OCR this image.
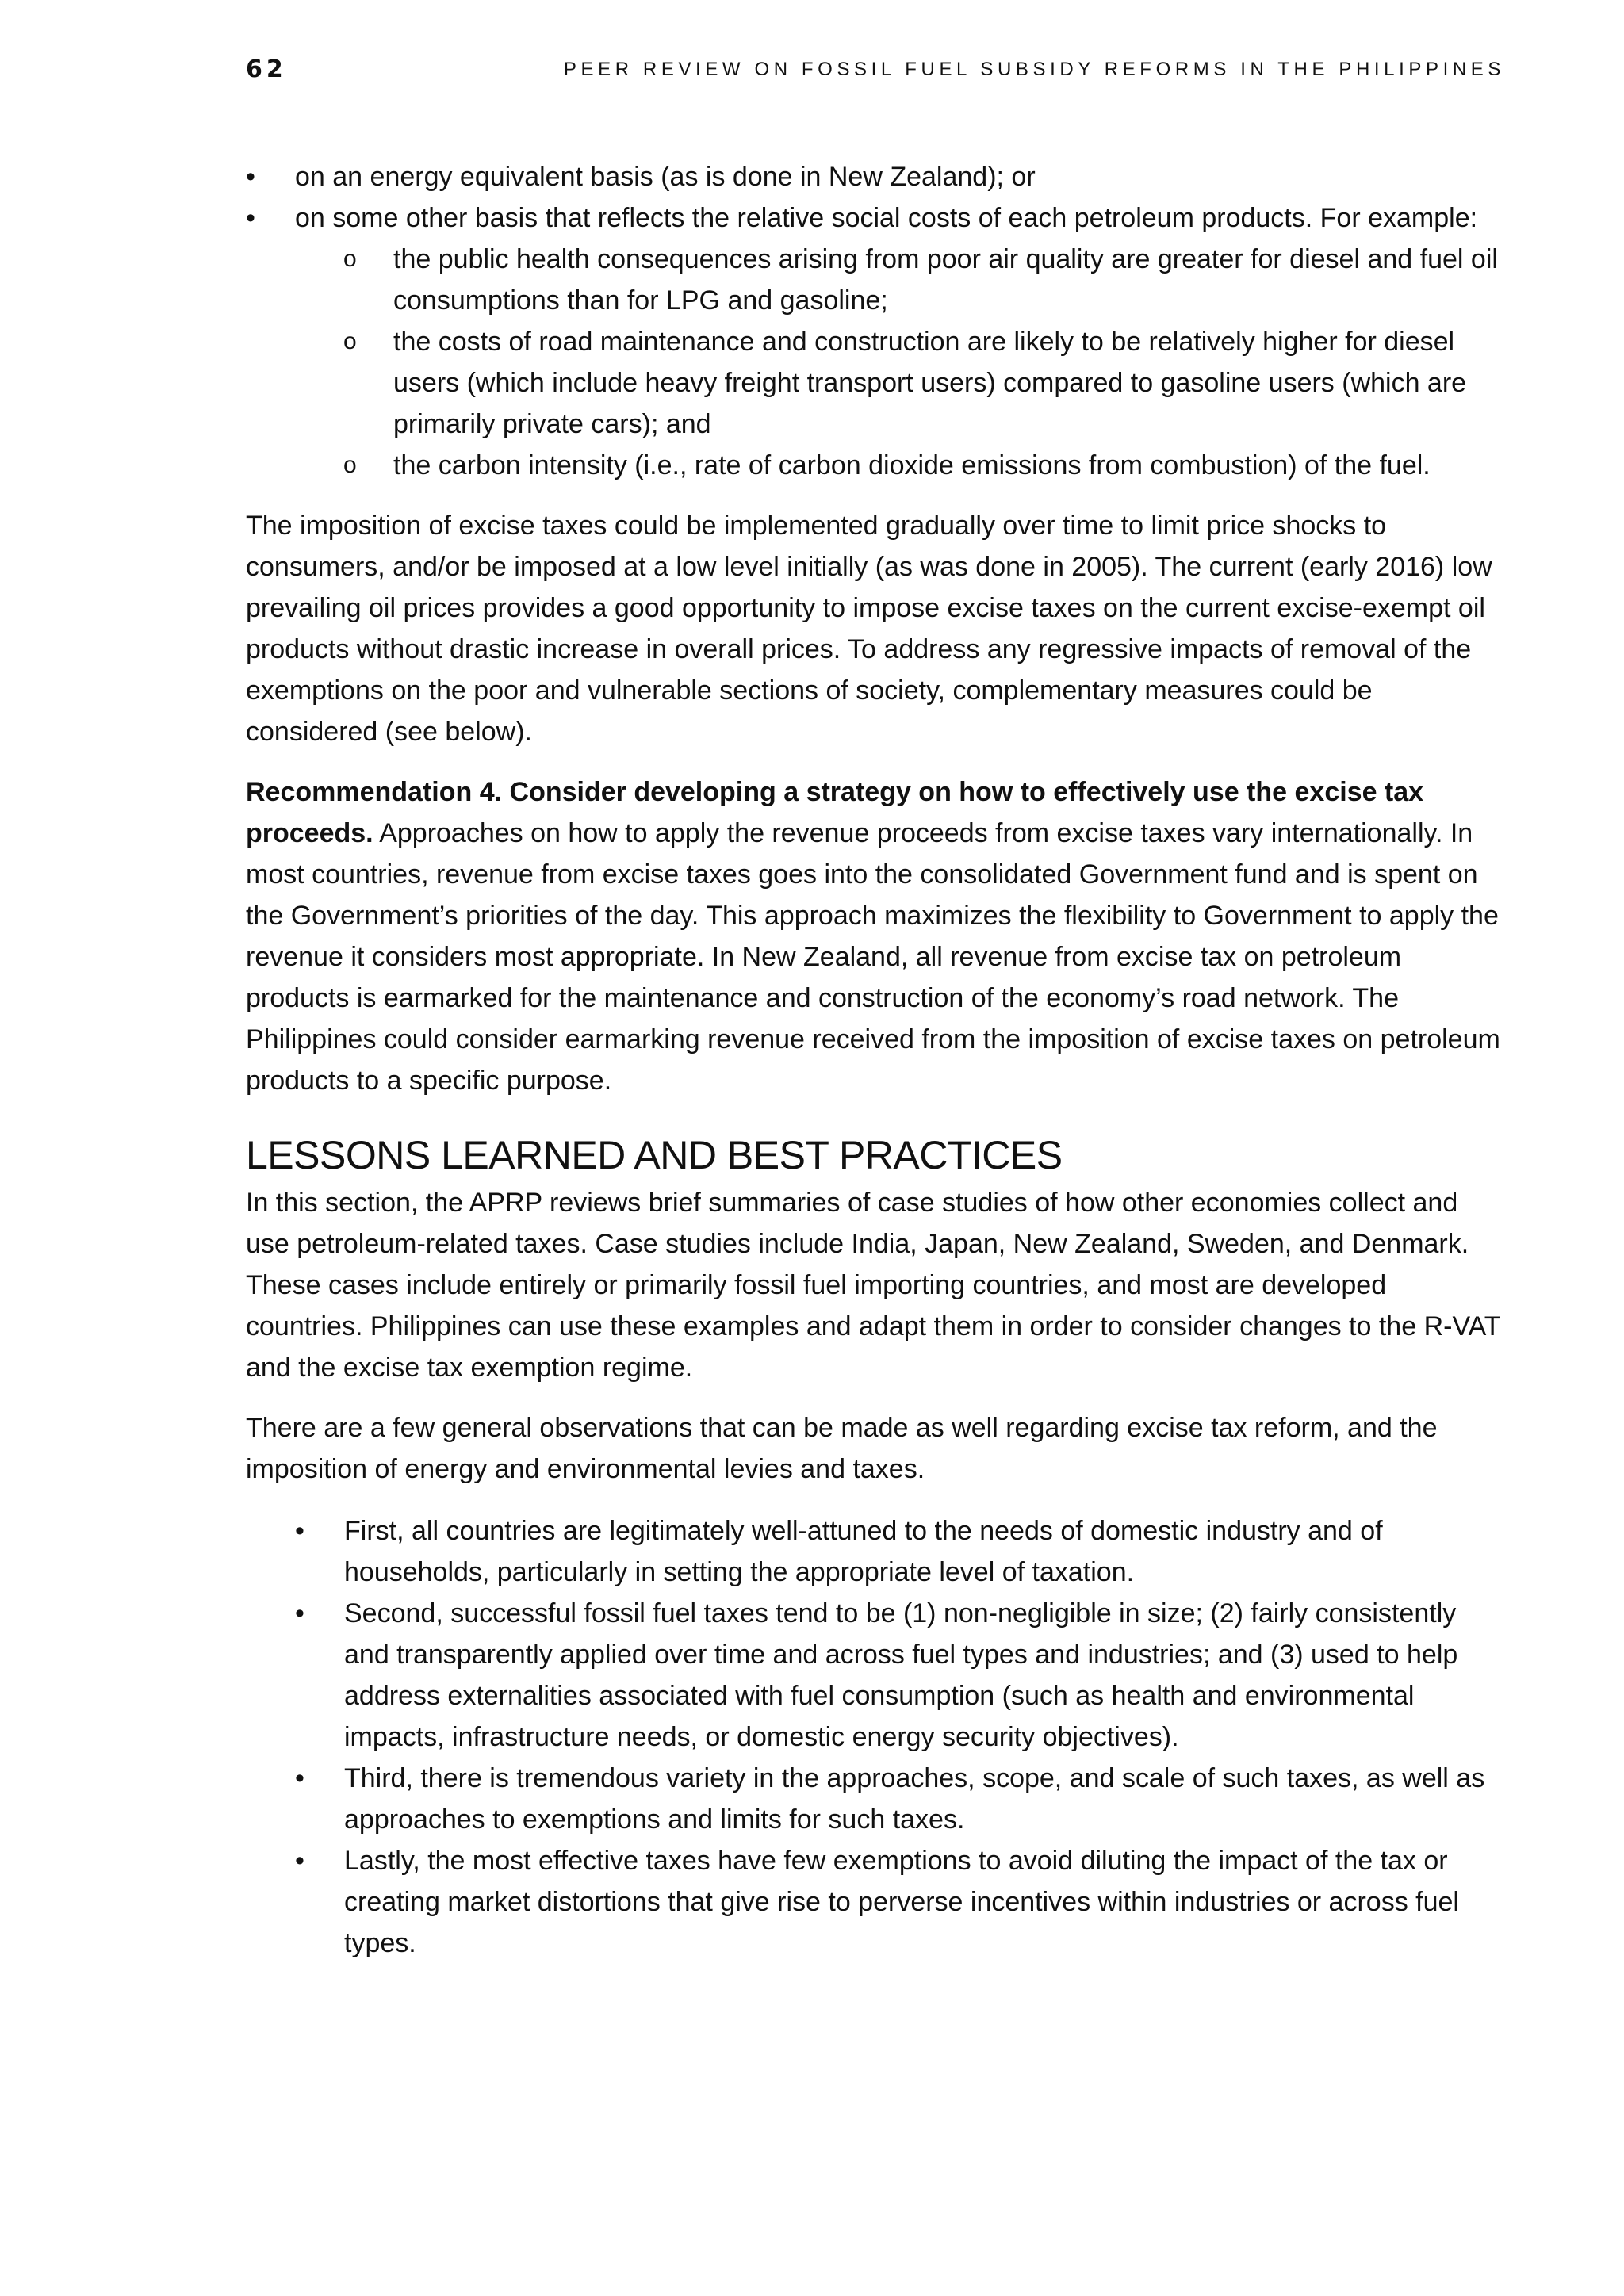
62	PEER REVIEW ON FOSSIL FUEL SUBSIDY REFORMS IN THE PHILIPPINES
• on an energy equivalent basis (as is done in New Zealand); or
• on some other basis that reflects the relative social costs of each petroleum products. For example:
o the public health consequences arising from poor air quality are greater for diesel and fuel oil consumptions than for LPG and gasoline;
o the costs of road maintenance and construction are likely to be relatively higher for diesel users (which include heavy freight transport users) compared to gasoline users (which are primarily private cars); and
o the carbon intensity (i.e., rate of carbon dioxide emissions from combustion) of the fuel.

The imposition of excise taxes could be implemented gradually over time to limit price shocks to consumers, and/or be imposed at a low level initially (as was done in 2005). The current (early 2016) low prevailing oil prices provides a good opportunity to impose excise taxes on the current excise-exempt oil products without drastic increase in overall prices. To address any regressive impacts of removal of the exemptions on the poor and vulnerable sections of society, complementary measures could be considered (see below).

Recommendation 4. Consider developing a strategy on how to effectively use the excise tax proceeds. Approaches on how to apply the revenue proceeds from excise taxes vary internationally. In most countries, revenue from excise taxes goes into the consolidated Government fund and is spent on the Government’s priorities of the day. This approach maximizes the flexibility to Government to apply the revenue it considers most appropriate. In New Zealand, all revenue from excise tax on petroleum products is earmarked for the maintenance and construction of the economy’s road network. The Philippines could consider earmarking revenue received from the imposition of excise taxes on petroleum products to a specific purpose.

LESSONS LEARNED AND BEST PRACTICES

In this section, the APRP reviews brief summaries of case studies of how other economies collect and use petroleum-related taxes. Case studies include India, Japan, New Zealand, Sweden, and Denmark. These cases include entirely or primarily fossil fuel importing countries, and most are developed countries. Philippines can use these examples and adapt them in order to consider changes to the R-VAT and the excise tax exemption regime.

There are a few general observations that can be made as well regarding excise tax reform, and the imposition of energy and environmental levies and taxes.

• First, all countries are legitimately well-attuned to the needs of domestic industry and of households, particularly in setting the appropriate level of taxation.
• Second, successful fossil fuel taxes tend to be (1) non-negligible in size; (2) fairly consistently and transparently applied over time and across fuel types and industries; and (3) used to help address externalities associated with fuel consumption (such as health and environmental impacts, infrastructure needs, or domestic energy security objectives).
• Third, there is tremendous variety in the approaches, scope, and scale of such taxes, as well as approaches to exemptions and limits for such taxes.
• Lastly, the most effective taxes have few exemptions to avoid diluting the impact of the tax or creating market distortions that give rise to perverse incentives within industries or across fuel types.
